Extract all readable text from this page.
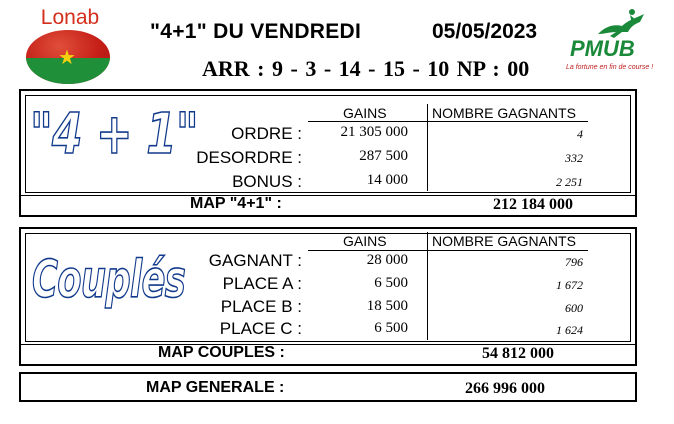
Lonab
★
"4+1" DU VENDREDI	05/05/2023
ARR : 9 - 3 - 14 - 15 - 10 NP : 00
PMUB
La fortune en fin de course !
"4 + 1"	GAINS	NOMBRE GAGNANTS
ORDRE :	21 305 000	4
DESORDRE :	287 500	332
BONUS :	14 000	2 251
MAP "4+1" :	212 184 000
Couplés
GAINS	NOMBRE GAGNANTS
GAGNANT :	28 000	796
PLACE A :	6 500	1 672
PLACE B :	18 500	600
PLACE C :	6 500	1 624
MAP COUPLES :	54 812 000
MAP GENERALE :	266 996 000
